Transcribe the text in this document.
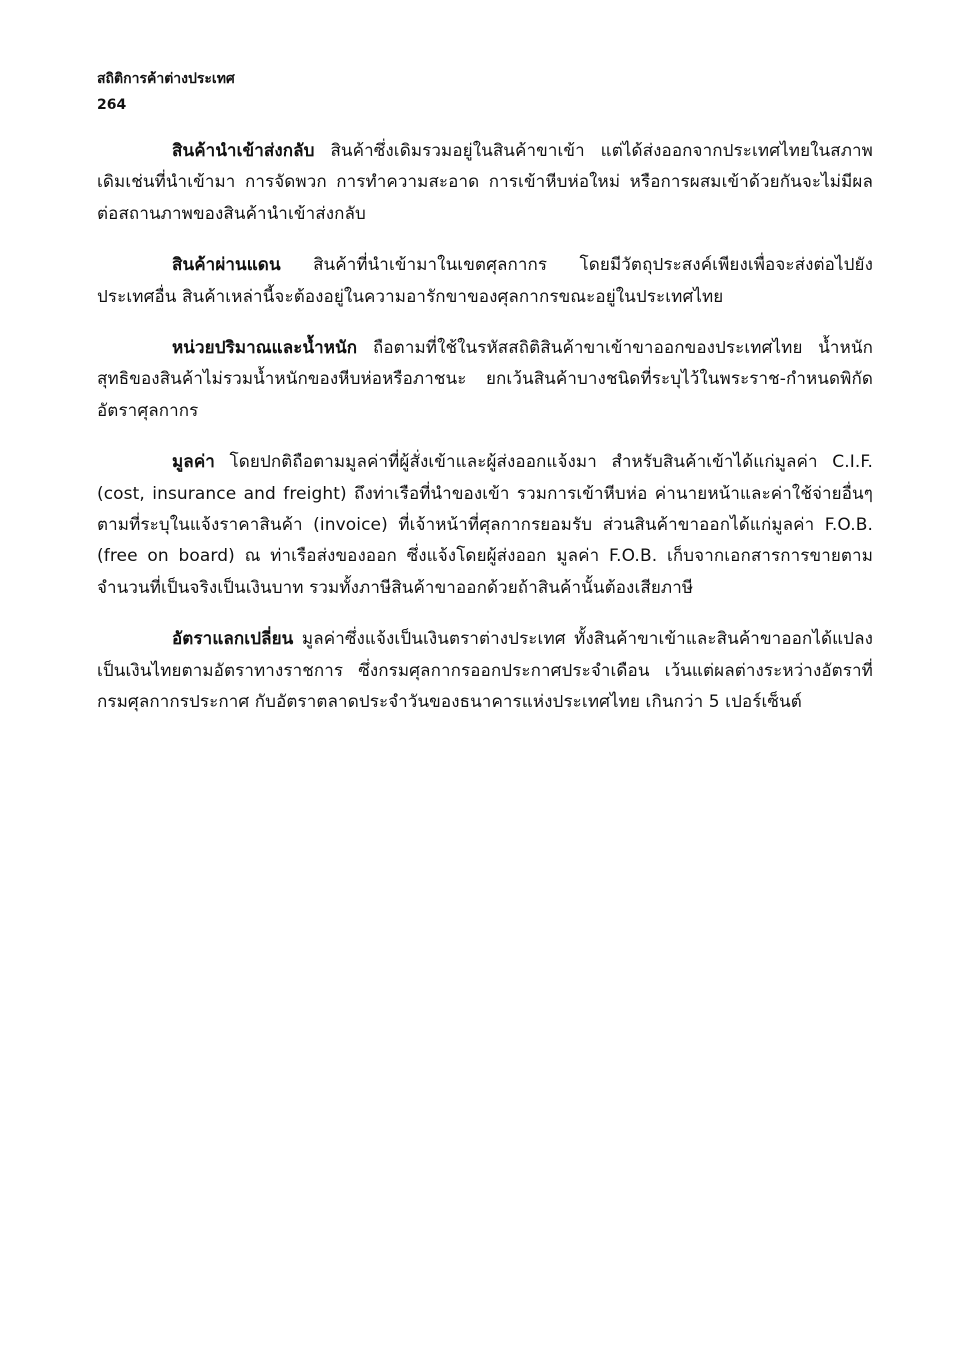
สถิติการค้าต่างประเทศ
264

สินค้านำเข้าส่งกลับ สินค้าซึ่งเดิมรวมอยู่ในสินค้าขาเข้า แต่ได้ส่งออกจากประเทศไทยในสภาพเดิมเช่นที่นำเข้ามา การจัดพวก การทำความสะอาด การเข้าหีบห่อใหม่ หรือการผสมเข้าด้วยกันจะไม่มีผลต่อสถานภาพของสินค้านำเข้าส่งกลับ

สินค้าผ่านแดน สินค้าที่นำเข้ามาในเขตศุลกากร โดยมีวัตถุประสงค์เพียงเพื่อจะส่งต่อไปยังประเทศอื่น สินค้าเหล่านี้จะต้องอยู่ในความอารักขาของศุลกากรขณะอยู่ในประเทศไทย

หน่วยปริมาณและน้ำหนัก ถือตามที่ใช้ในรหัสสถิติสินค้าขาเข้าขาออกของประเทศไทย น้ำหนักสุทธิของสินค้าไม่รวมน้ำหนักของหีบห่อหรือภาชนะ ยกเว้นสินค้าบางชนิดที่ระบุไว้ในพระราช-กำหนดพิกัดอัตราศุลกากร

มูลค่า โดยปกติถือตามมูลค่าที่ผู้สั่งเข้าและผู้ส่งออกแจ้งมา สำหรับสินค้าเข้าได้แก่มูลค่า C.I.F.(cost, insurance and freight) ถึงท่าเรือที่นำของเข้า รวมการเข้าหีบห่อ ค่านายหน้าและค่าใช้จ่ายอื่นๆ ตามที่ระบุในแจ้งราคาสินค้า (invoice) ที่เจ้าหน้าที่ศุลกากรยอมรับ ส่วนสินค้าขาออกได้แก่มูลค่า F.O.B. (free on board) ณ ท่าเรือส่งของออก ซึ่งแจ้งโดยผู้ส่งออก มูลค่า F.O.B. เก็บจากเอกสารการขายตามจำนวนที่เป็นจริงเป็นเงินบาท รวมทั้งภาษีสินค้าขาออกด้วยถ้าสินค้านั้นต้องเสียภาษี

อัตราแลกเปลี่ยน มูลค่าซึ่งแจ้งเป็นเงินตราต่างประเทศ ทั้งสินค้าขาเข้าและสินค้าขาออกได้แปลงเป็นเงินไทยตามอัตราทางราชการ ซึ่งกรมศุลกากรออกประกาศประจำเดือน เว้นแต่ผลต่างระหว่างอัตราที่กรมศุลกากรประกาศ กับอัตราตลาดประจำวันของธนาคารแห่งประเทศไทย เกินกว่า 5 เปอร์เซ็นต์
